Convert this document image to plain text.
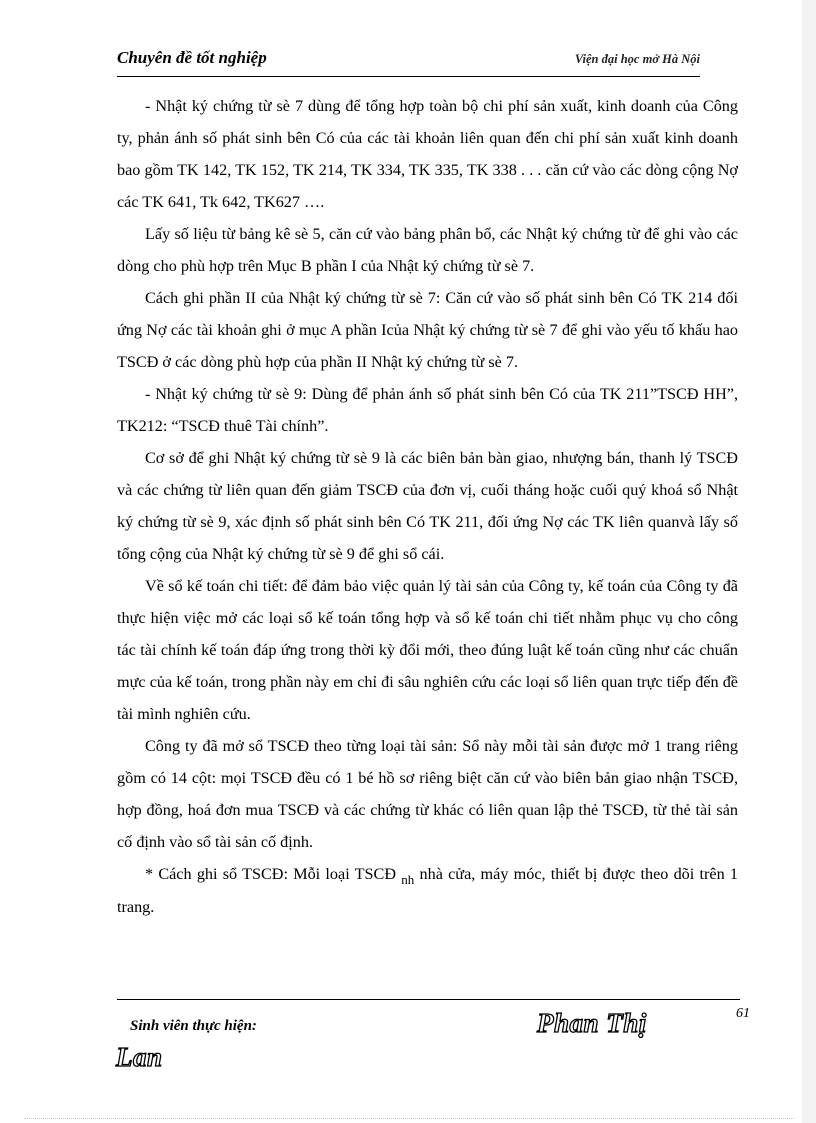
Chuyên đề tốt nghiệp	Viện đại học mở Hà Nội

- Nhật ký chứng từ sè 7 dùng để tổng hợp toàn bộ chi phí sản xuất, kinh doanh của Công ty, phản ánh số phát sinh bên Có của các tài khoản liên quan đến chi phí sản xuất kinh doanh bao gồm TK 142, TK 152, TK 214, TK 334, TK 335, TK 338 . . . căn cứ vào các dòng cộng Nợ các TK 641, Tk 642, TK627 ….

Lấy số liệu từ bảng kê sè 5, căn cứ vào bảng phân bổ, các Nhật ký chứng từ để ghi vào các dòng cho phù hợp trên Mục B phần I của Nhật ký chứng từ sè 7.

Cách ghi phần II của Nhật ký chứng từ sè 7: Căn cứ vào số phát sinh bên Có TK 214 đối ứng Nợ các tài khoản ghi ở mục A phần Icủa Nhật ký chứng từ sè 7 để ghi vào yếu tố khấu hao TSCĐ ở các dòng phù hợp của phần II Nhật ký chứng từ sè 7.

- Nhật ký chứng từ sè 9: Dùng để phản ánh số phát sinh bên Có của TK 211”TSCĐ HH”, TK212: “TSCĐ thuê Tài chính”.

Cơ sở để ghi Nhật ký chứng từ sè 9 là các biên bản bàn giao, nhượng bán, thanh lý TSCĐ và các chứng từ liên quan đến giảm TSCĐ của đơn vị, cuối tháng hoặc cuối quý khoá sổ Nhật ký chứng từ sè 9, xác định số phát sinh bên Có TK 211, đối ứng Nợ các TK liên quanvà lấy số tổng cộng của Nhật ký chứng từ sè 9 để ghi sổ cái.

Về sổ kế toán chi tiết: để đảm bảo việc quản lý tài sản của Công ty, kế toán của Công ty đã thực hiện việc mở các loại sổ kế toán tổng hợp và sổ kế toán chi tiết nhằm phục vụ cho công tác tài chính kế toán đáp ứng trong thời kỳ đổi mới, theo đúng luật kế toán cũng như các chuẩn mực của kế toán, trong phần này em chỉ đi sâu nghiên cứu các loại sổ liên quan trực tiếp đến đề tài mình nghiên cứu.

Công ty đã mở sổ TSCĐ theo từng loại tài sản: Sổ này mỗi tài sản được mở 1 trang riêng gồm có 14 cột: mọi TSCĐ đều có 1 bé hồ sơ riêng biệt căn cứ vào biên bản giao nhận TSCĐ, hợp đồng, hoá đơn mua TSCĐ và các chứng từ khác có liên quan lập thẻ TSCĐ, từ thẻ tài sản cố định vào sổ tài sản cố định.

* Cách ghi sổ TSCĐ: Mỗi loại TSCĐ $_{nh}$ nhà cửa, máy móc, thiết bị được theo dõi trên 1 trang.

Sinh viên thực hiện:	Phan Thị
Lan
61
